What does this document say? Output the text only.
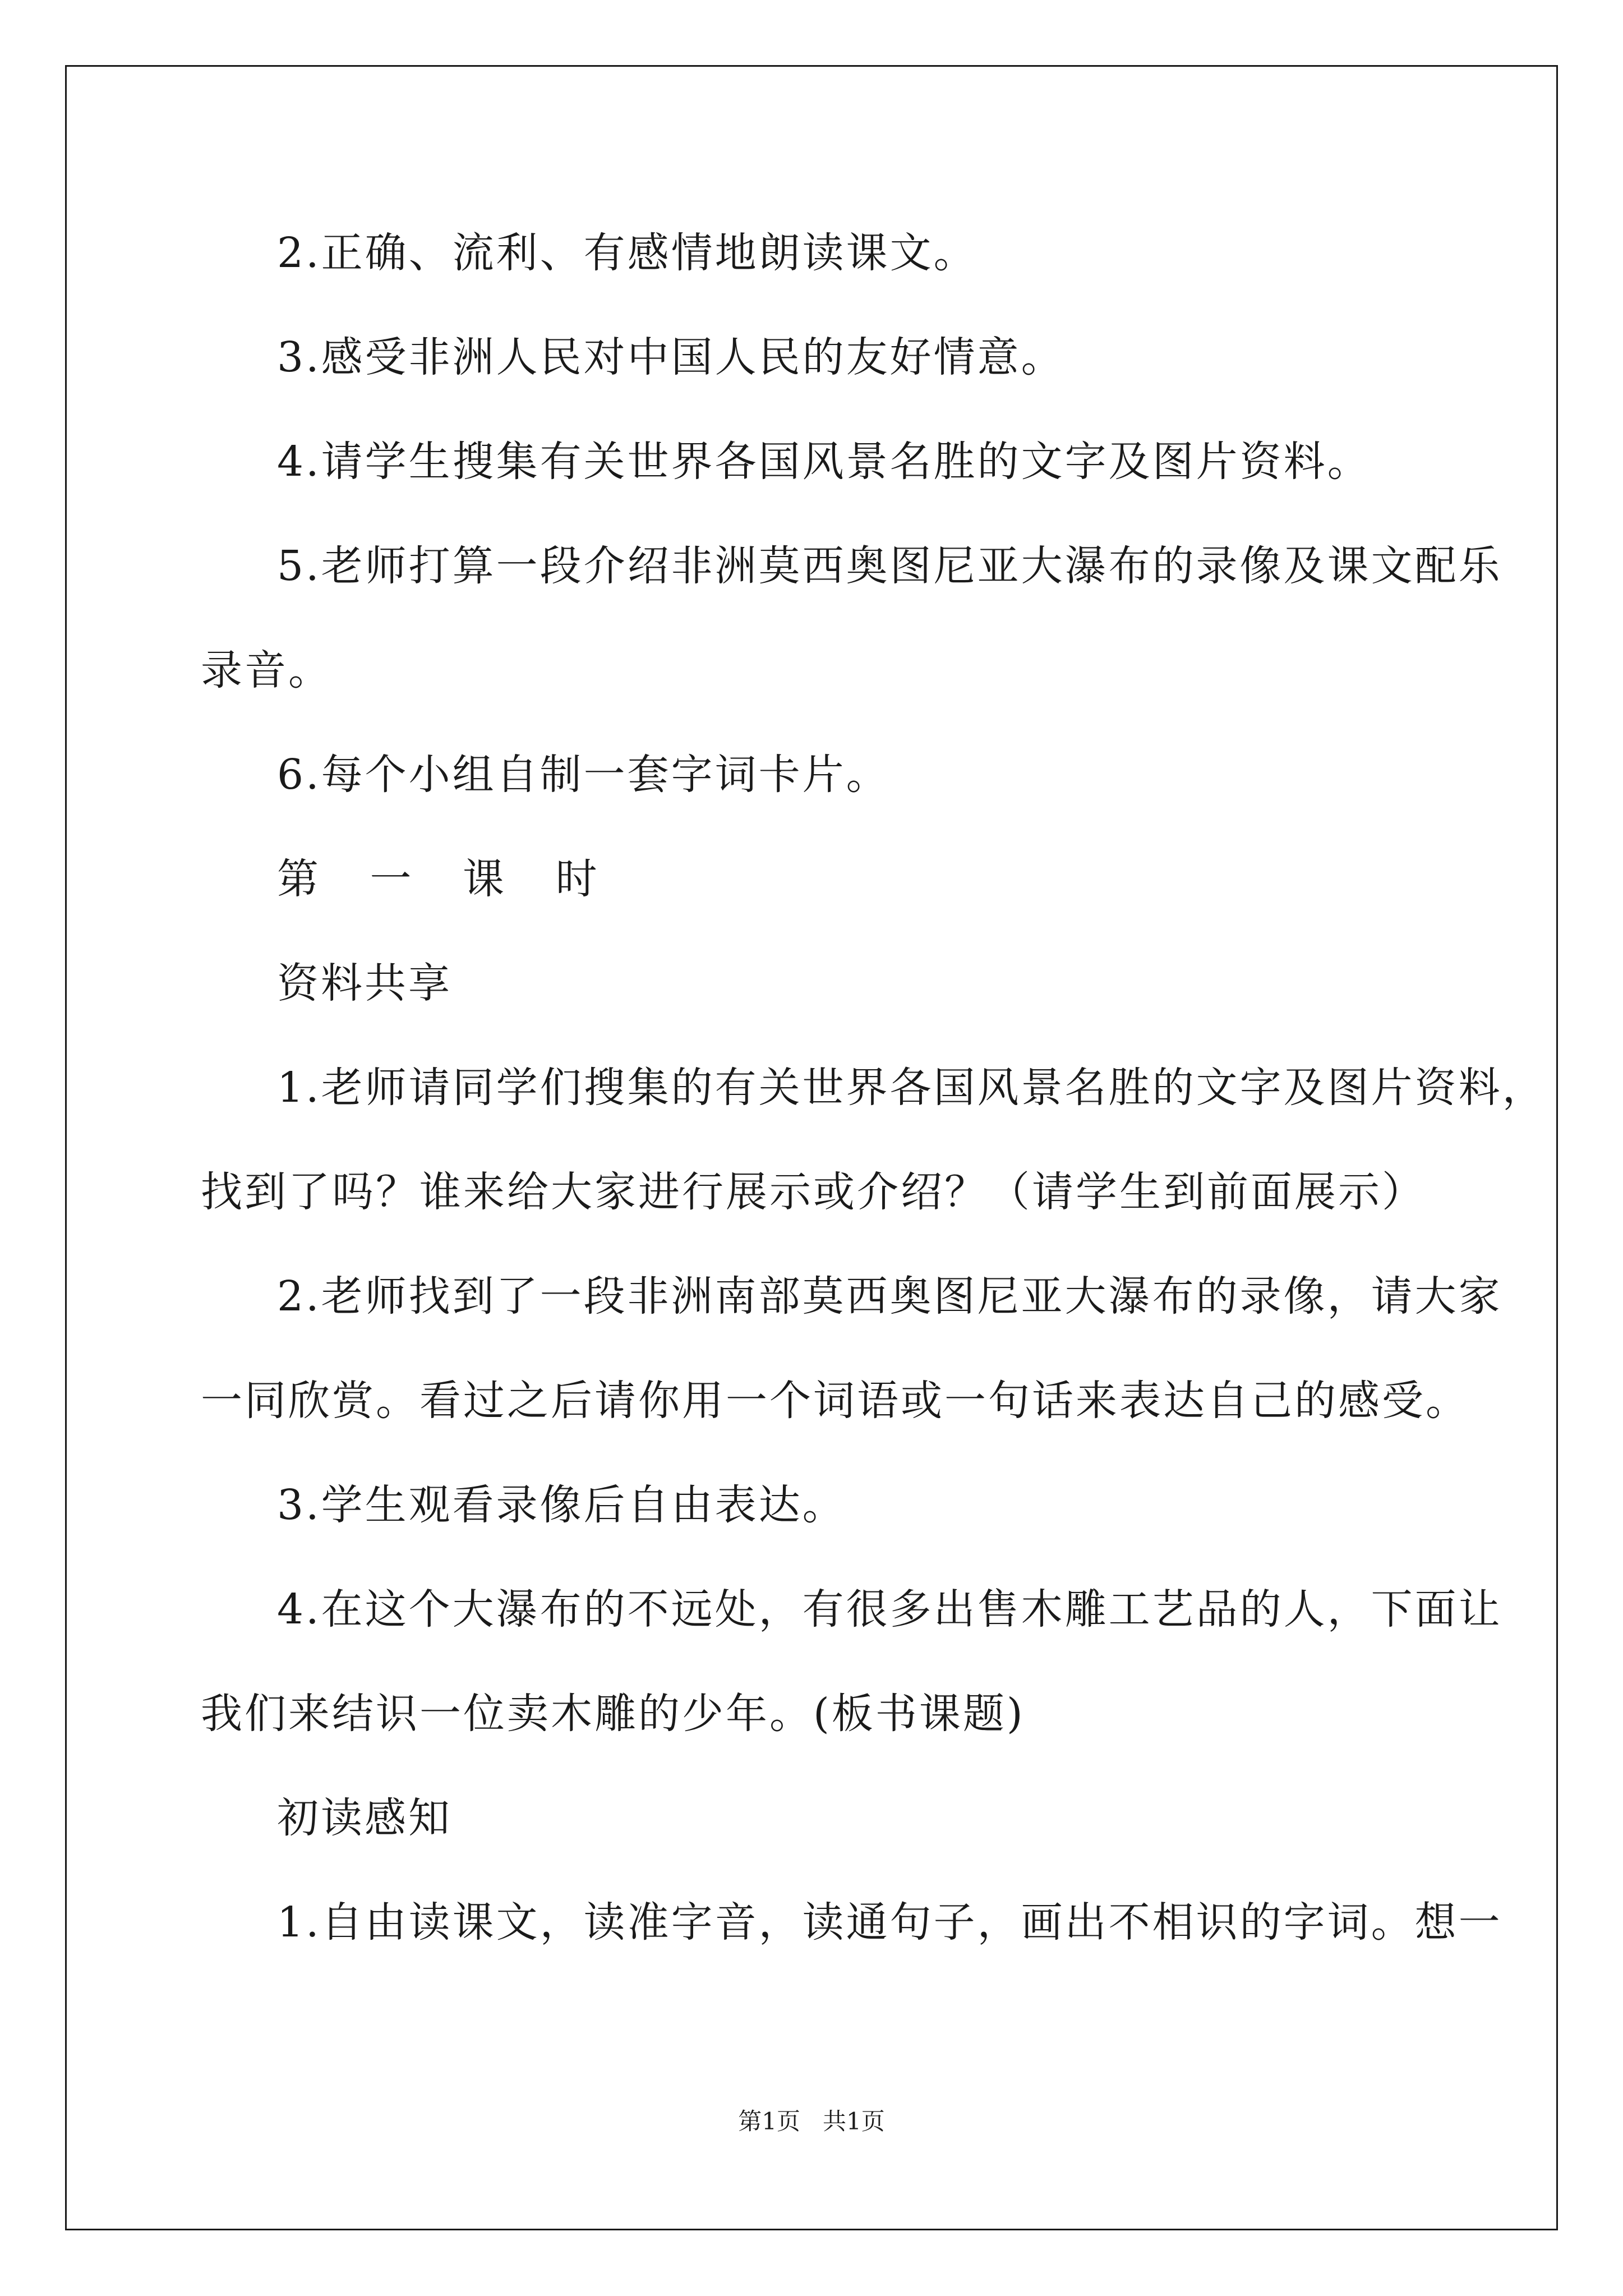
2.正确、流利、有感情地朗读课文。

3.感受非洲人民对中国人民的友好情意。

4.请学生搜集有关世界各国风景名胜的文字及图片资料。

5.老师打算一段介绍非洲莫西奥图尼亚大瀑布的录像及课文配乐

录音。

6.每个小组自制一套字词卡片。

第 一 课 时

资料共享

1.老师请同学们搜集的有关世界各国风景名胜的文字及图片资料，

找到了吗？谁来给大家进行展示或介绍？（请学生到前面展示）

2.老师找到了一段非洲南部莫西奥图尼亚大瀑布的录像，请大家

一同欣赏。看过之后请你用一个词语或一句话来表达自己的感受。

3.学生观看录像后自由表达。

4.在这个大瀑布的不远处，有很多出售木雕工艺品的人，下面让

我们来结识一位卖木雕的少年。(板书课题)

初读感知

1.自由读课文，读准字音，读通句子，画出不相识的字词。想一

第1页   共1页
